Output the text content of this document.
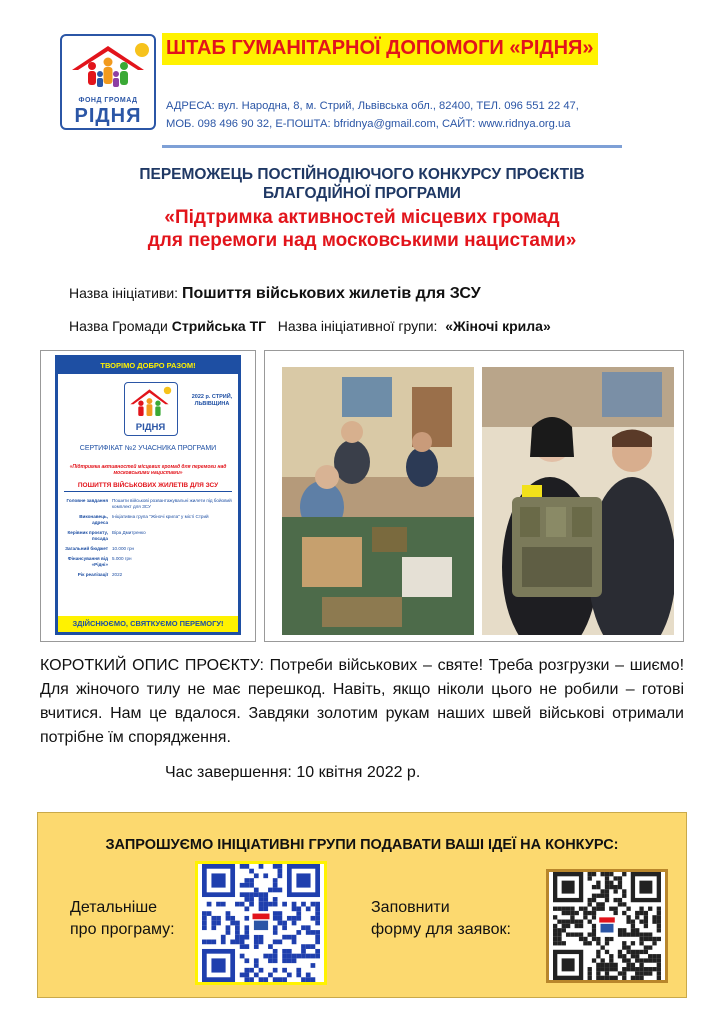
ФОНД ГРОМАД
РІДНЯ
ШТАБ ГУМАНІТАРНОЇ ДОПОМОГИ «РІДНЯ»
АДРЕСА: вул. Народна, 8, м. Стрий, Львівська обл., 82400, ТЕЛ. 096 551 22 47,
МОБ. 098 496 90 32, Е-ПОШТА: bfridnya@gmail.com, САЙТ: www.ridnya.org.ua
ПЕРЕМОЖЕЦЬ ПОСТІЙНОДІЮЧОГО КОНКУРСУ ПРОЄКТІВ
БЛАГОДІЙНОЇ ПРОГРАМИ
«Підтримка активностей місцевих громад
для перемоги над московськими нацистами»
Назва ініціативи: Пошиття військових жилетів для ЗСУ
Назва Громади Стрийська ТГ Назва ініціативної групи: «Жіночі крила»
ТВОРІМО ДОБРО РАЗОМ!
РІДНЯ
2022 р. СТРИЙ, ЛЬВІВЩИНА
СЕРТИФІКАТ №2 УЧАСНИКА ПРОГРАМИ
«Підтримка активностей місцевих громад для перемоги над московськими нацистами»
ПОШИТТЯ ВІЙСЬКОВИХ ЖИЛЕТІВ ДЛЯ ЗСУ
Головне завдання Пошити військові розвантажувальні жилети під бойовий комплект для ЗСУ
Виконавець, адреса
Ініціативна група "Жіночі крила" у місті Стрий
Керівник проєкту, посада
Віра Дмитренко
Загальний бюджет 10.000 грн
Фінансування від «Рідні»
5.000 грн
Рік реалізації 2022
ЗДІЙСНЮЄМО, СВЯТКУЄМО ПЕРЕМОГУ!
КОРОТКИЙ ОПИС ПРОЄКТУ: Потреби військових – святе! Треба розгрузки – шиємо! Для жіночого тилу не має перешкод. Навіть, якщо ніколи цього не робили – готові вчитися. Нам це вдалося. Завдяки золотим рукам наших швей військові отримали потрібне їм спорядження.
Час завершення: 10 квітня 2022 р.
ЗАПРОШУЄМО ІНІЦІАТИВНІ ГРУПИ ПОДАВАТИ ВАШІ ІДЕЇ НА КОНКУРС:
Детальніше
про програму:
Заповнити
форму для заявок:
